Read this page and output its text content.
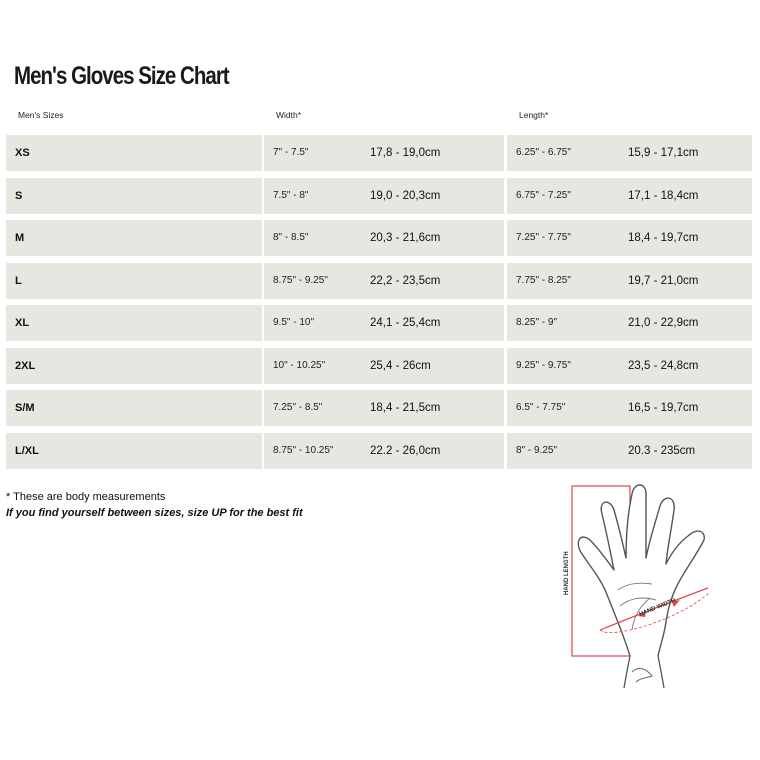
Men's Gloves Size Chart
Men's Sizes	Width*	Length*
XS	7" - 7.5"	17,8 - 19,0cm	6.25" - 6.75"	15,9 - 17,1cm
S	7.5" - 8"	19,0 - 20,3cm	6.75" - 7.25"	17,1 - 18,4cm
M	8" - 8.5"	20,3 - 21,6cm	7.25" - 7.75"	18,4 - 19,7cm
L	8.75" - 9.25"	22,2 - 23,5cm	7.75" - 8.25"	19,7 - 21,0cm
XL	9.5" - 10"	24,1 - 25,4cm	8.25" - 9"	21,0 - 22,9cm
2XL	10" - 10.25"	25,4 - 26cm	9.25" - 9.75"	23,5 - 24,8cm
S/M	7.25" - 8.5"	18,4 - 21,5cm	6.5" - 7.75"	16,5 - 19,7cm
L/XL	8.75" - 10.25"	22.2 - 26,0cm	8" - 9.25"	20.3 - 235cm
* These are body measurements
If you find yourself between sizes, size UP for the best fit
HAND LENGTH
HAND WIDTH
